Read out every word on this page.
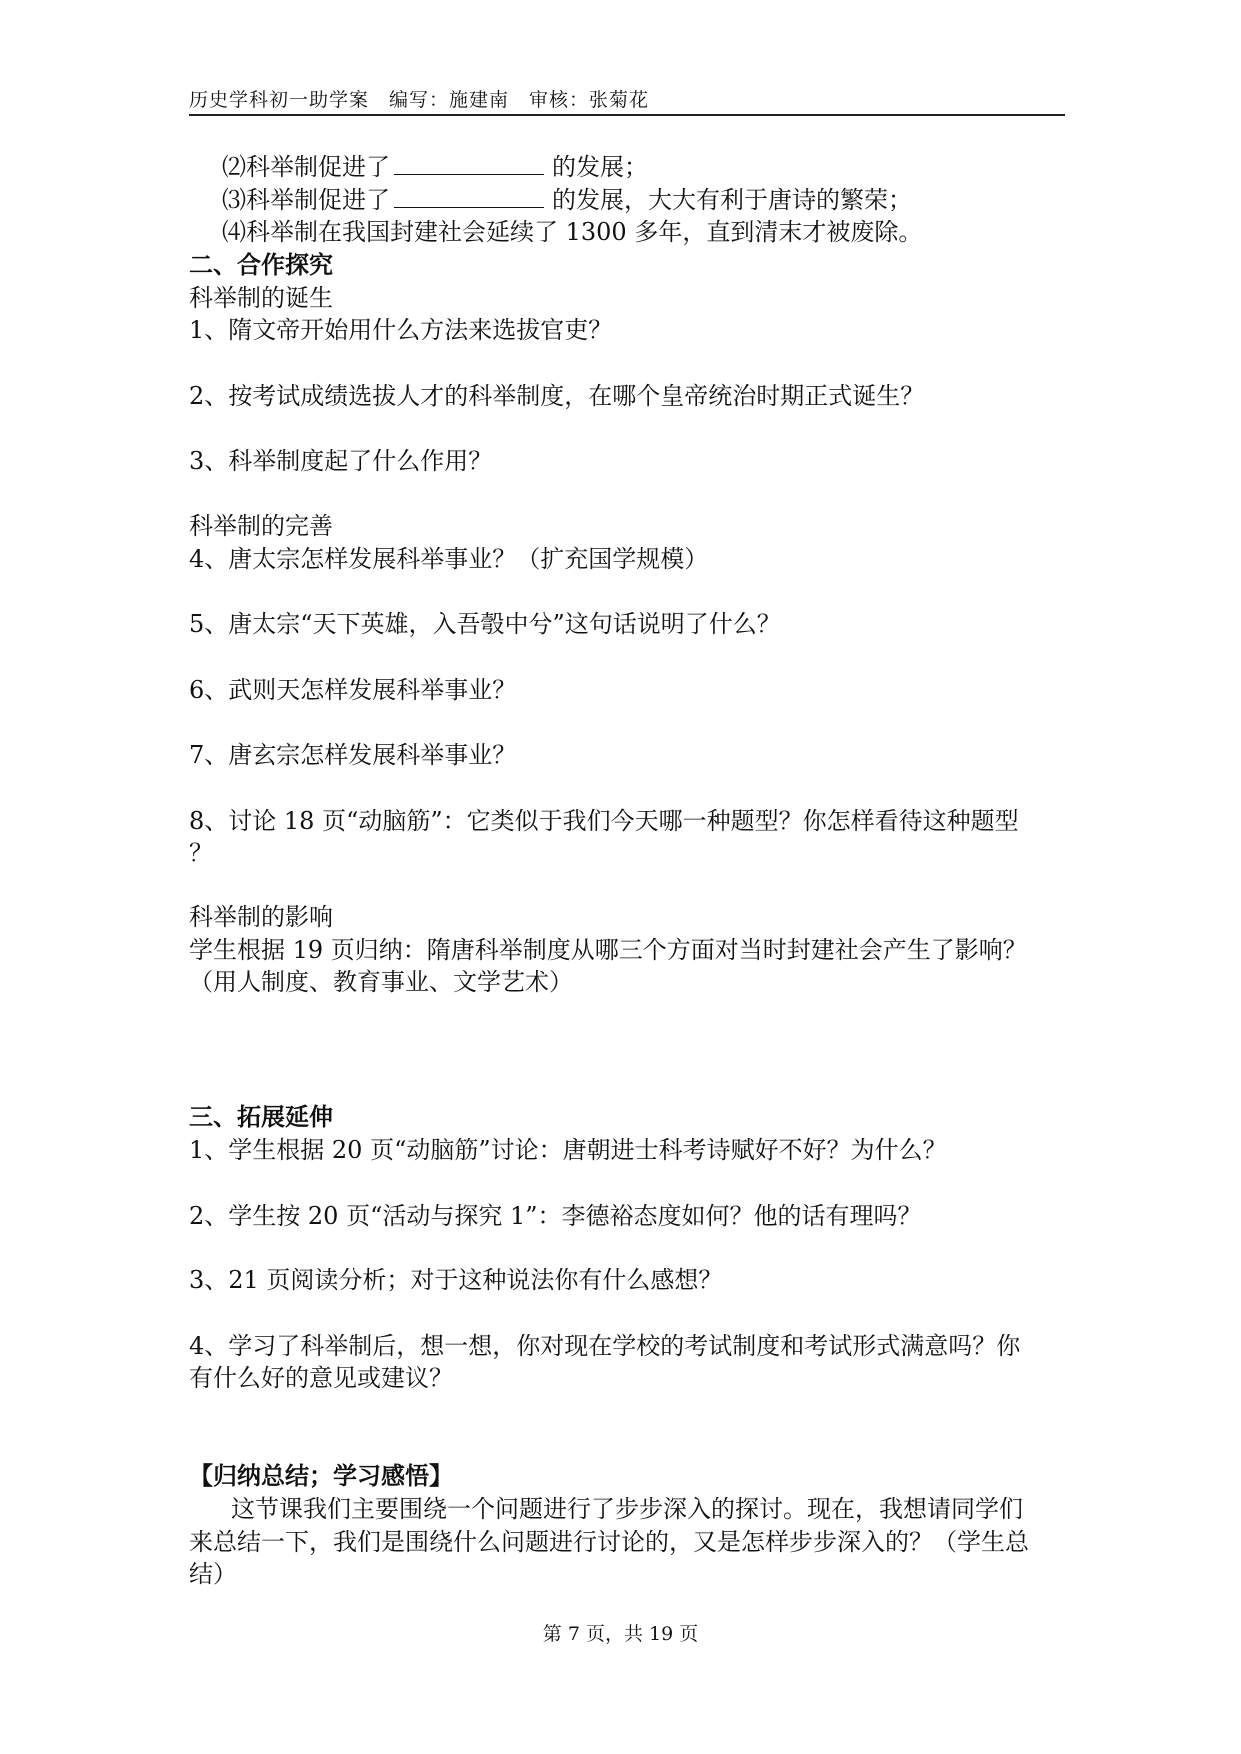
历史学科初一助学案　编写：施建南　审核：张菊花
⑵科举制促进了	的发展；
⑶科举制促进了	的发展，大大有利于唐诗的繁荣；
⑷科举制在我国封建社会延续了 1300 多年，直到清末才被废除。
二、合作探究
科举制的诞生
1、隋文帝开始用什么方法来选拔官吏？
2、按考试成绩选拔人才的科举制度，在哪个皇帝统治时期正式诞生？
3、科举制度起了什么作用？
科举制的完善
4、唐太宗怎样发展科举事业？（扩充国学规模）
5、唐太宗“天下英雄，入吾彀中兮”这句话说明了什么？
6、武则天怎样发展科举事业？
7、唐玄宗怎样发展科举事业？
8、讨论 18 页“动脑筋”：它类似于我们今天哪一种题型？你怎样看待这种题型
？
科举制的影响
学生根据 19 页归纳：隋唐科举制度从哪三个方面对当时封建社会产生了影响？
（用人制度、教育事业、文学艺术）
三、拓展延伸
1、学生根据 20 页“动脑筋”讨论：唐朝进士科考诗赋好不好？为什么？
2、学生按 20 页“活动与探究 1”：李德裕态度如何？他的话有理吗？
3、21 页阅读分析；对于这种说法你有什么感想？
4、学习了科举制后，想一想，你对现在学校的考试制度和考试形式满意吗？你
有什么好的意见或建议？
【归纳总结；学习感悟】
这节课我们主要围绕一个问题进行了步步深入的探讨。现在，我想请同学们
来总结一下，我们是围绕什么问题进行讨论的，又是怎样步步深入的？（学生总
结）
第 7 页，共 19 页
